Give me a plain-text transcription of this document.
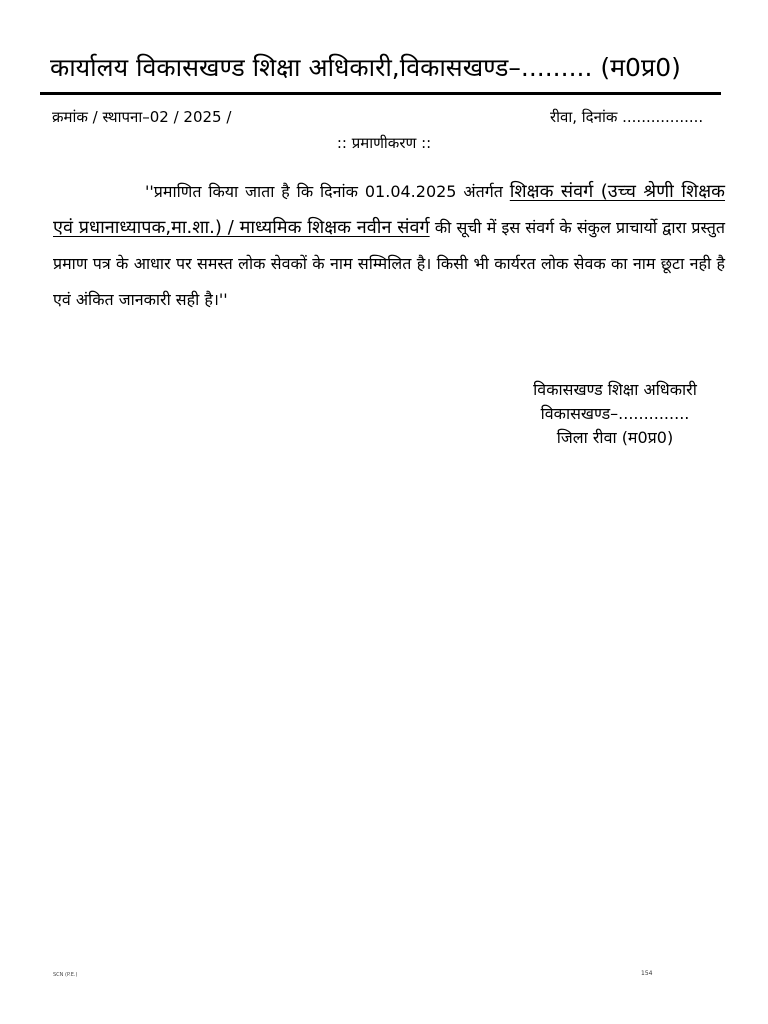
कार्यालय विकासखण्ड शिक्षा अधिकारी,विकासखण्ड–......... (म0प्र0)
क्रमांक / स्थापना–02 / 2025 /	रीवा, दिनांक .................
:: प्रमाणीकरण ::
''प्रमाणित किया जाता है कि दिनांक 01.04.2025 अंतर्गत शिक्षक संवर्ग (उच्च श्रेणी शिक्षक एवं प्रधानाध्यापक,मा.शा.) / माध्यमिक शिक्षक नवीन संवर्ग की सूची में इस संवर्ग के संकुल प्राचार्यो द्वारा प्रस्तुत प्रमाण पत्र के आधार पर समस्त लोक सेवकों के नाम सम्मिलित है। किसी भी कार्यरत लोक सेवक का नाम छूटा नही है एवं अंकित जानकारी सही है।''
विकासखण्ड शिक्षा अधिकारी
विकासखण्ड–..............
जिला रीवा (म0प्र0)
SCN (P.E.)	154
